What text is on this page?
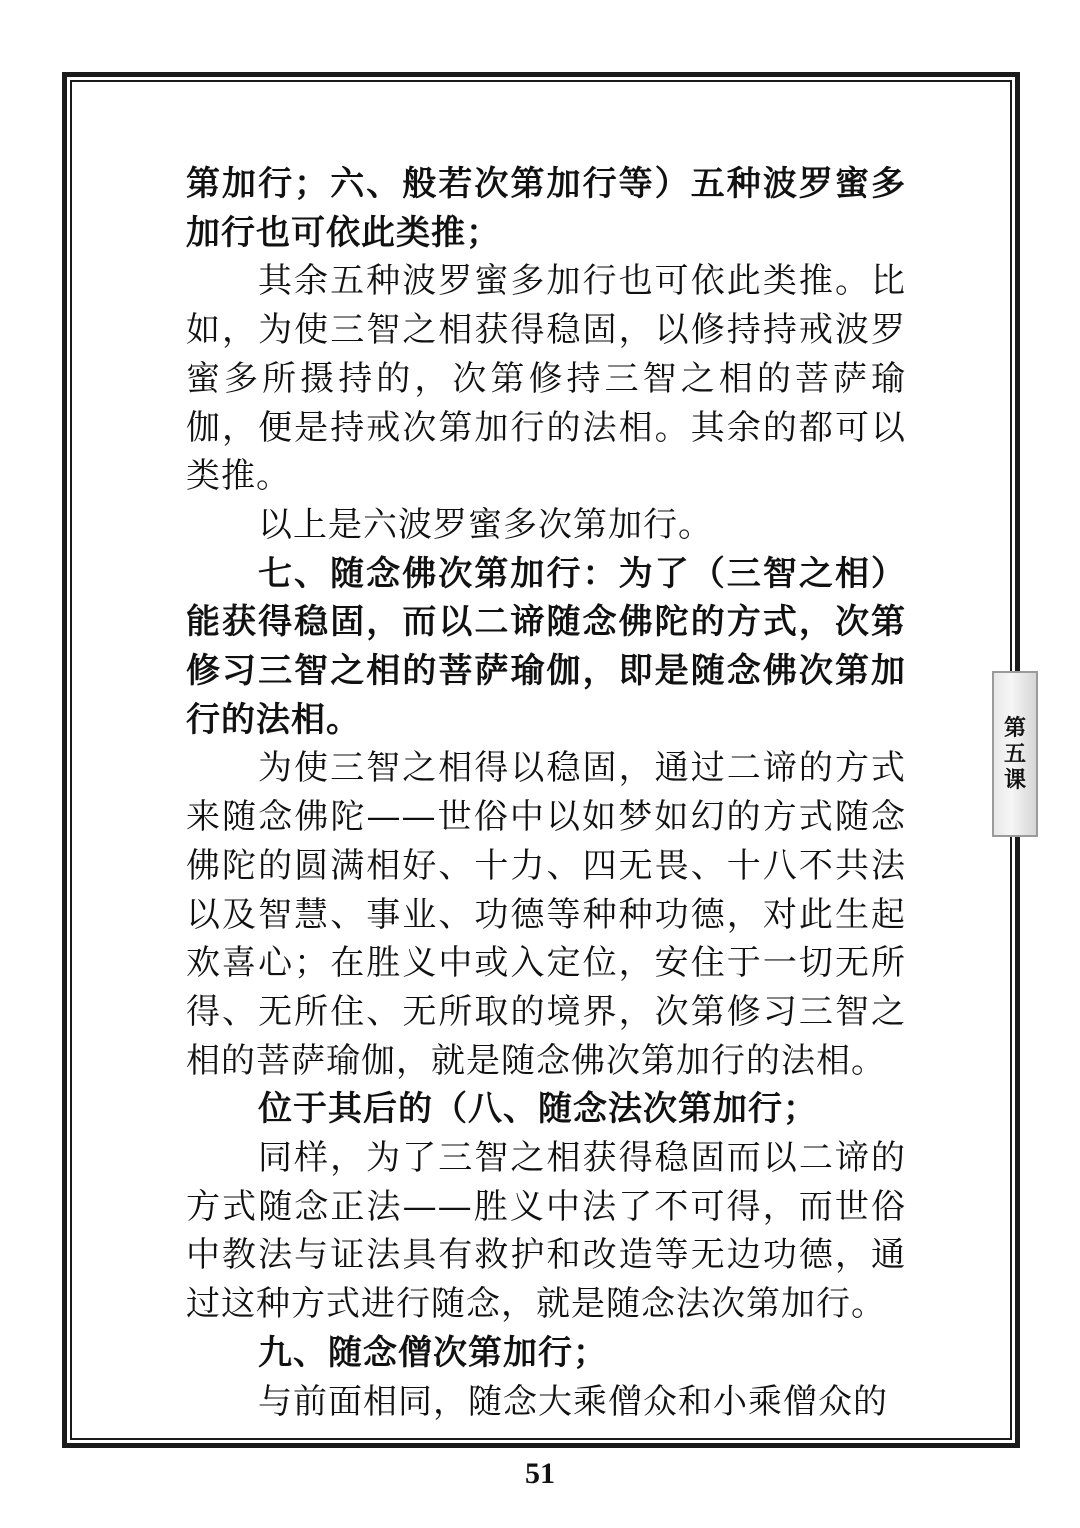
第加行；六、般若次第加行等）五种波罗蜜多加行也可依此类推；

其余五种波罗蜜多加行也可依此类推。比如，为使三智之相获得稳固，以修持持戒波罗蜜多所摄持的，次第修持三智之相的菩萨瑜伽，便是持戒次第加行的法相。其余的都可以类推。

以上是六波罗蜜多次第加行。

七、随念佛次第加行：为了（三智之相）能获得稳固，而以二谛随念佛陀的方式，次第修习三智之相的菩萨瑜伽，即是随念佛次第加行的法相。

为使三智之相得以稳固，通过二谛的方式来随念佛陀——世俗中以如梦如幻的方式随念佛陀的圆满相好、十力、四无畏、十八不共法以及智慧、事业、功德等种种功德，对此生起欢喜心；在胜义中或入定位，安住于一切无所得、无所住、无所取的境界，次第修习三智之相的菩萨瑜伽，就是随念佛次第加行的法相。

位于其后的（八、随念法次第加行；

同样，为了三智之相获得稳固而以二谛的方式随念正法——胜义中法了不可得，而世俗中教法与证法具有救护和改造等无边功德，通过这种方式进行随念，就是随念法次第加行。

九、随念僧次第加行；

与前面相同，随念大乘僧众和小乘僧众的

第
五
课
51
